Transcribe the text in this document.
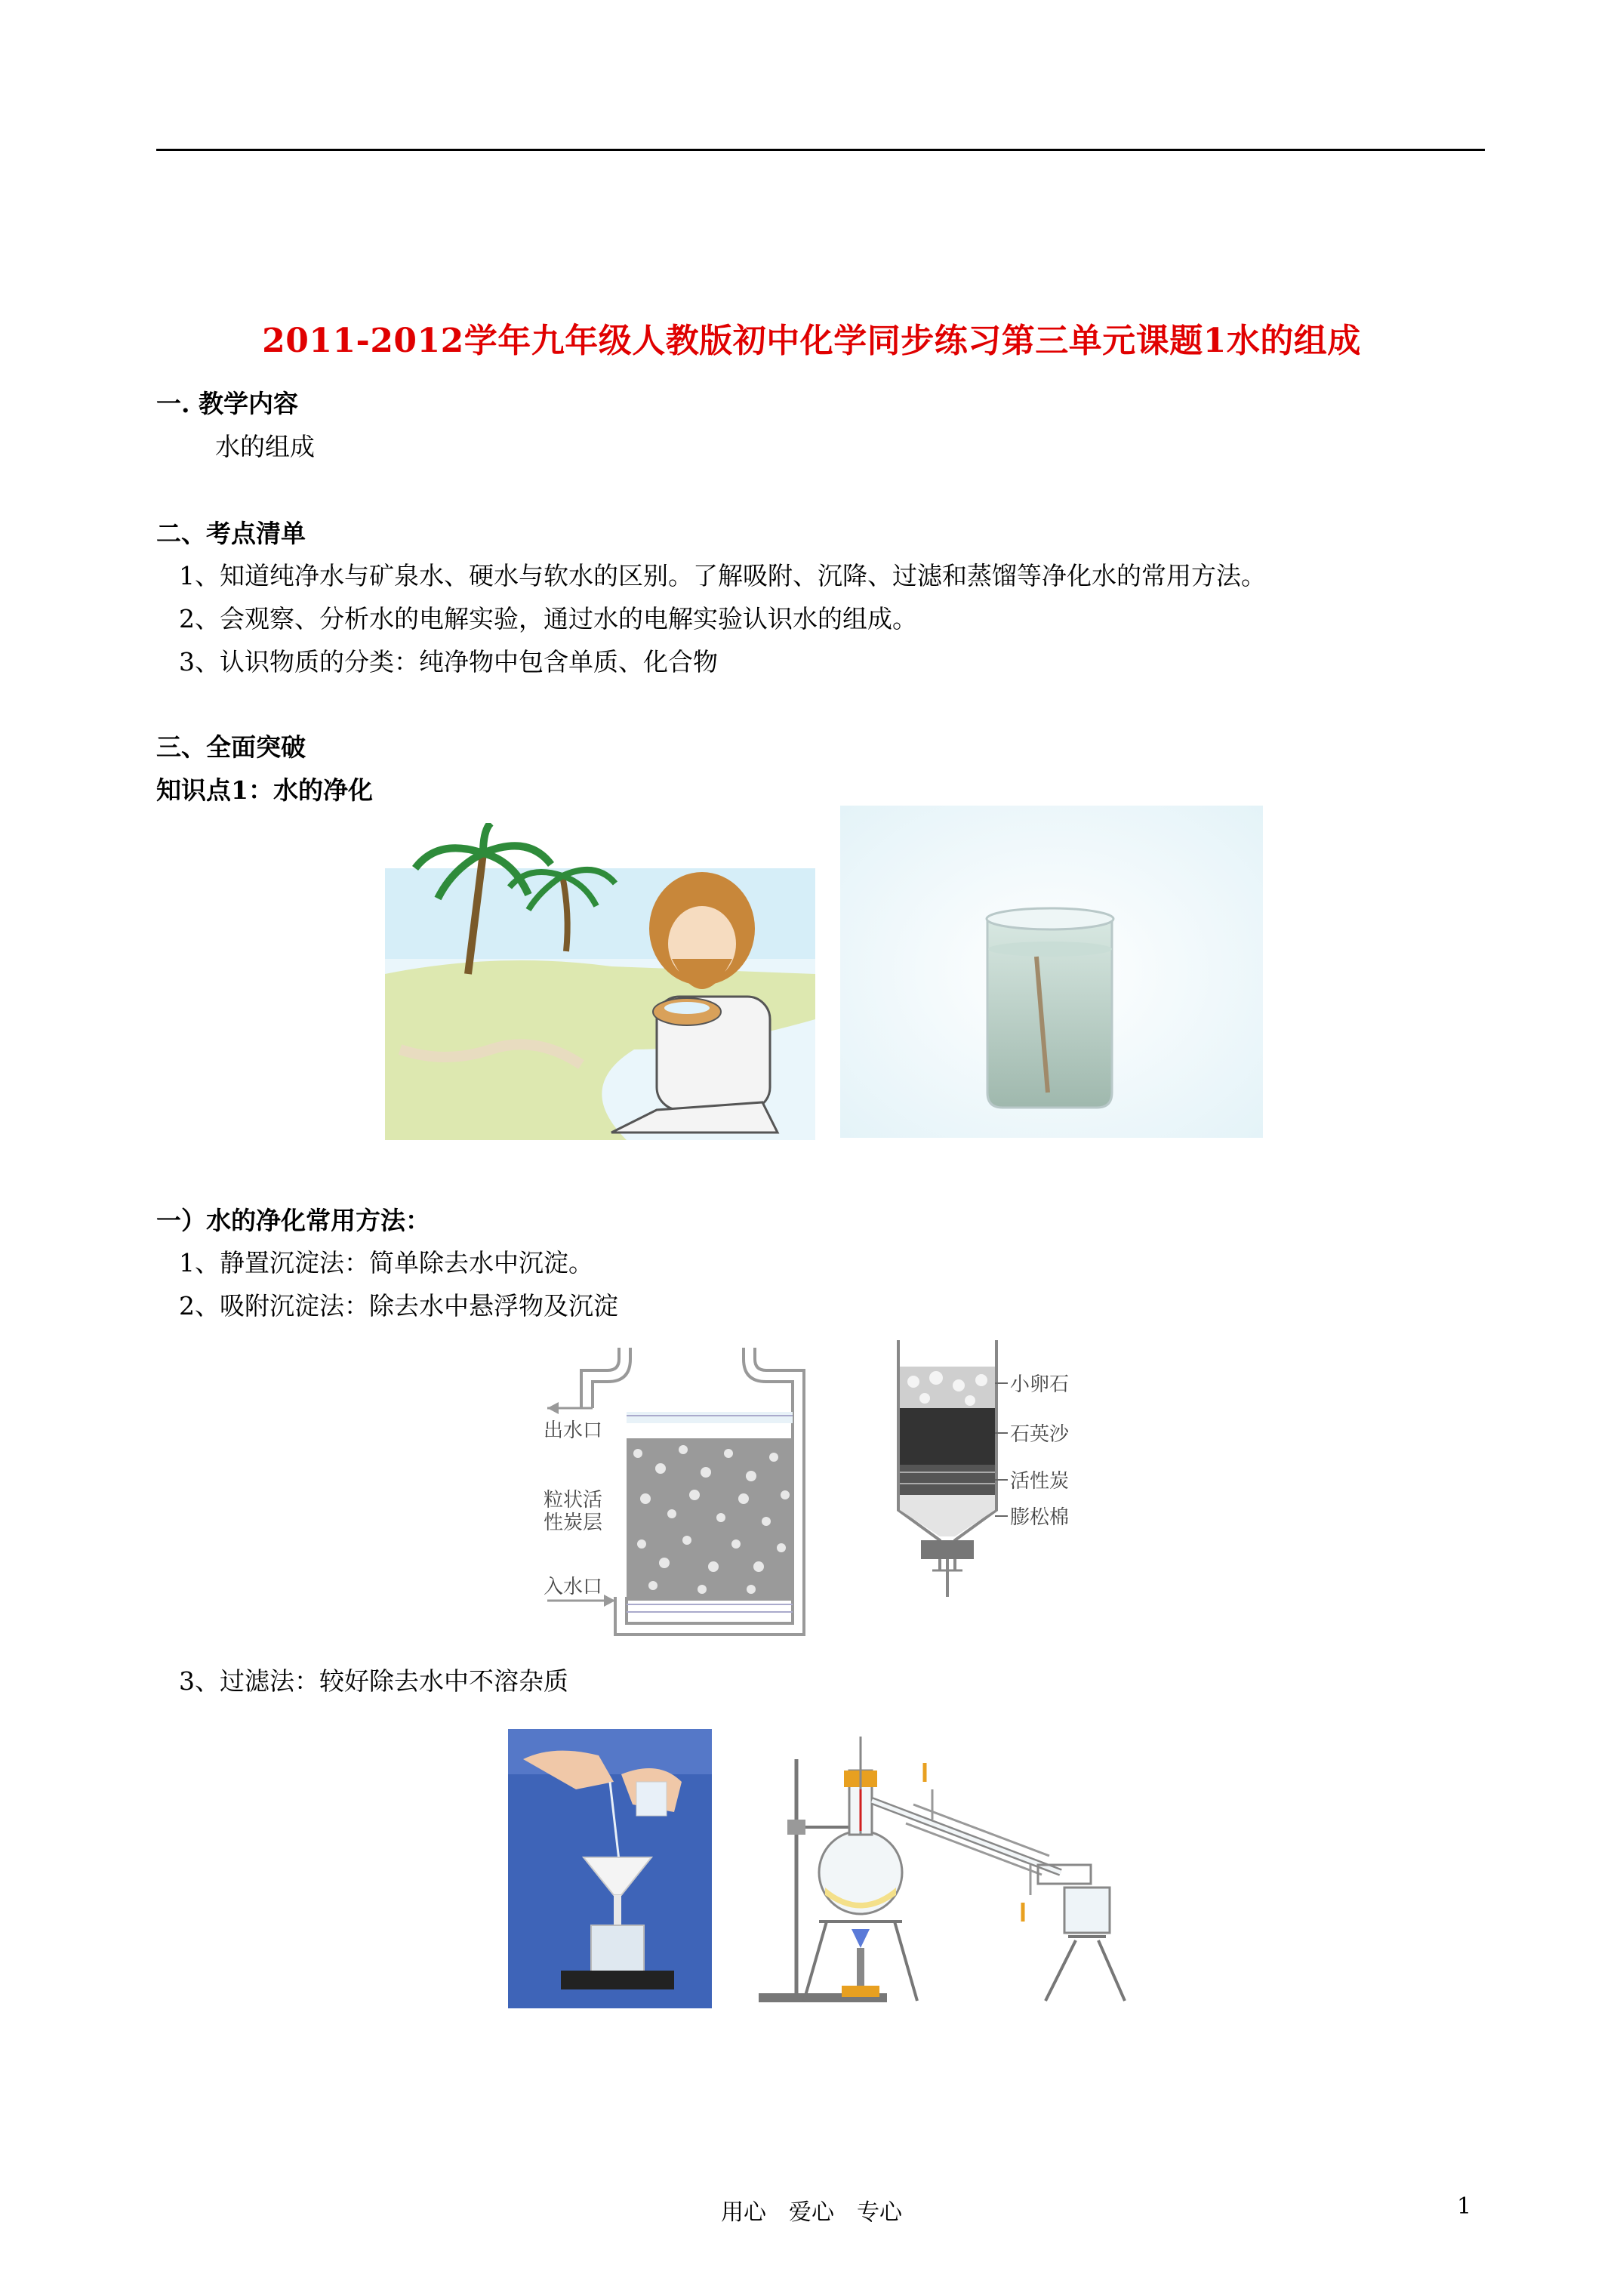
2011-2012学年九年级人教版初中化学同步练习第三单元课题1水的组成
一. 教学内容
水的组成
二、考点清单
1、知道纯净水与矿泉水、硬水与软水的区别。了解吸附、沉降、过滤和蒸馏等净化水的常用方法。
2、会观察、分析水的电解实验，通过水的电解实验认识水的组成。
3、认识物质的分类：纯净物中包含单质、化合物
三、全面突破
知识点1：水的净化
一）水的净化常用方法：
1、静置沉淀法：简单除去水中沉淀。
2、吸附沉淀法：除去水中悬浮物及沉淀
出水口
粒状活
性炭层
入水口
小卵石
石英沙
活性炭
膨松棉
3、过滤法：较好除去水中不溶杂质
用心　爱心　专心	1
